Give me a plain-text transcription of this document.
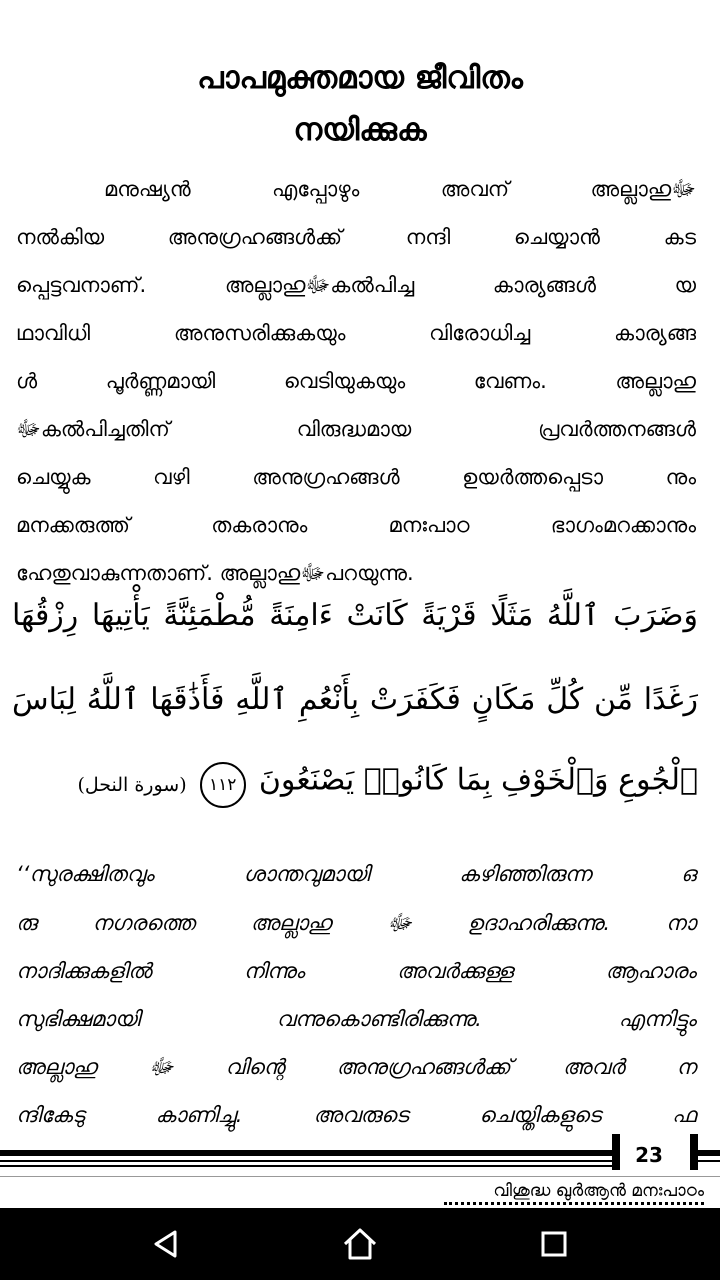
പാപമുക്തമായ ജീവിതം
നയിക്കുക
മനുഷ്യൻ എപ്പോഴും അവന് അല്ലാഹുﷻ
നൽകിയ അനുഗ്രഹങ്ങൾക്ക് നന്ദി ചെയ്യാൻ കട
പ്പെട്ടവനാണ്. അല്ലാഹുﷻകൽപിച്ച കാര്യങ്ങൾ യ
ഥാവിധി അനുസരിക്കുകയും വിരോധിച്ച കാര്യങ്ങ
ൾ പൂർണ്ണമായി വെടിയുകയും വേണം. അല്ലാഹു
ﷻകൽപിച്ചതിന് വിരുദ്ധമായ പ്രവർത്തനങ്ങൾ
ചെയ്യുക വഴി അനുഗ്രഹങ്ങൾ ഉയർത്തപ്പെടാ നും
മനക്കരുത്ത് തകരാനും മനഃപാഠ ഭാഗംമറക്കാനും
ഹേതുവാകുന്നതാണ്. അല്ലാഹുﷻപറയുന്നു.
وَضَرَبَ ٱللَّهُ مَثَلًا قَرْيَةً كَانَتْ ءَامِنَةً مُّطْمَئِنَّةً يَأْتِيهَا رِزْقُهَا
رَغَدًا مِّن كُلِّ مَكَانٍ فَكَفَرَتْ بِأَنْعُمِ ٱللَّهِ فَأَذَٰقَهَا ٱللَّهُ لِبَاسَ
ٱلْجُوعِ وَٱلْخَوْفِ بِمَا كَانُوا۟ يَصْنَعُونَ ١١٢ (سورة النحل)
‘‘സുരക്ഷിതവും ശാന്തവുമായി കഴിഞ്ഞിരുന്ന ഒ
രു നഗരത്തെ അല്ലാഹു	ﷻ	ഉദാഹരിക്കുന്നു. നാ
നാദിക്കുകളിൽ നിന്നും അവർക്കുള്ള ആഹാരം
സുഭിക്ഷമായി വന്നുകൊണ്ടിരിക്കുന്നു. എന്നിട്ടും
അല്ലാഹു ﷻ വിന്റെ അനുഗ്രഹങ്ങൾക്ക് അവർ ന
ന്ദികേടു കാണിച്ചു. അവരുടെ ചെയ്തികളുടെ ഫ
23
വിശുദ്ധ ഖുർആൻ മനഃപാഠം
